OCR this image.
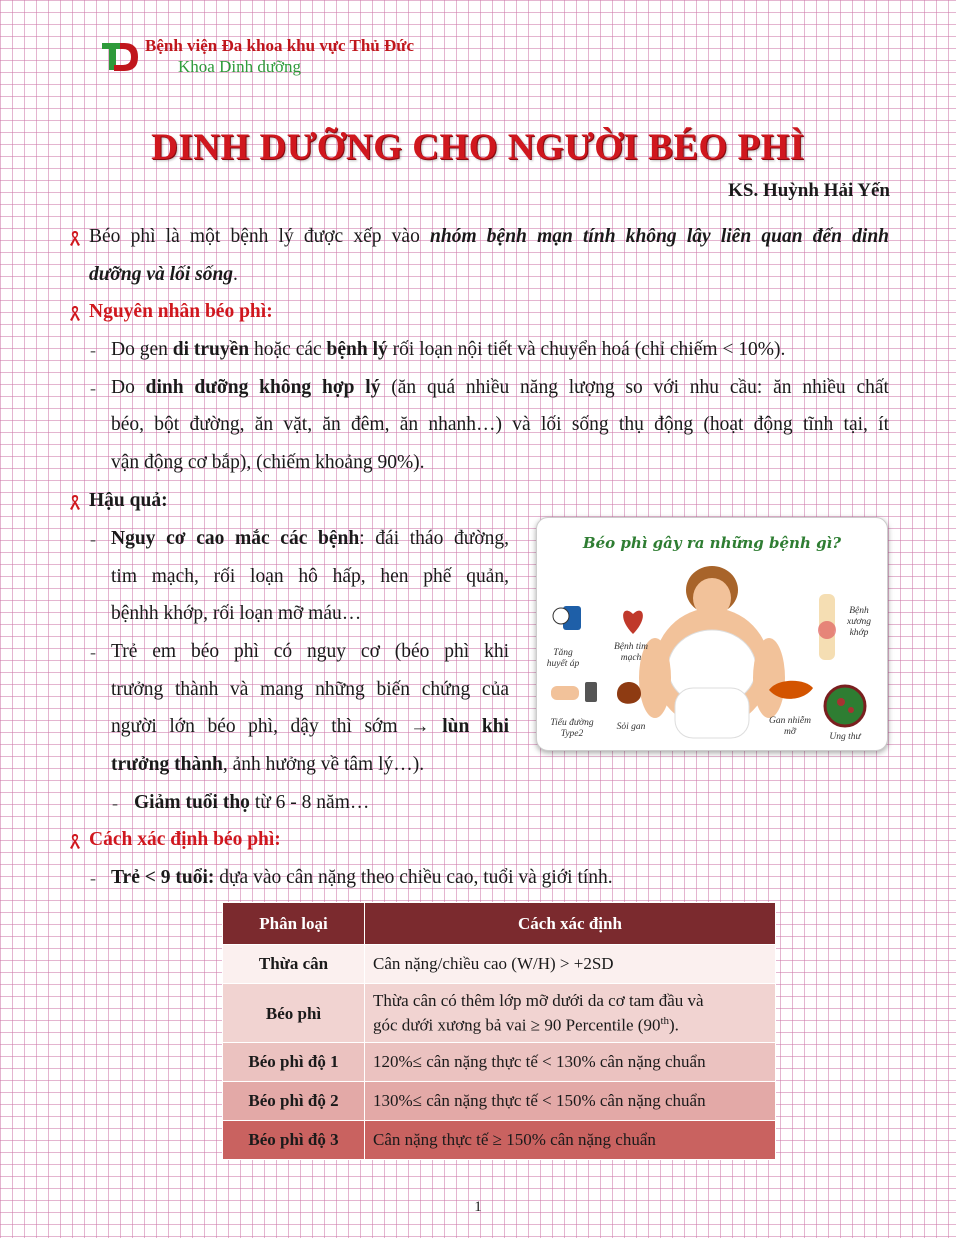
Bệnh viện Đa khoa khu vực Thủ Đức
Khoa Dinh dưỡng
DINH DƯỠNG CHO NGƯỜI BÉO PHÌ
KS. Huỳnh Hải Yến
Béo phì là một bệnh lý được xếp vào nhóm bệnh mạn tính không lây liên quan đến dinh
dưỡng và lối sống.
Nguyên nhân béo phì:
- Do gen di truyền hoặc các bệnh lý rối loạn nội tiết và chuyển hoá (chỉ chiếm < 10%).
- Do dinh dưỡng không hợp lý (ăn quá nhiều năng lượng so với nhu cầu: ăn nhiều chất
béo, bột đường, ăn vặt, ăn đêm, ăn nhanh…) và lối sống thụ động (hoạt động tĩnh tại, ít
vận động cơ bắp), (chiếm khoảng 90%).
Hậu quả:
- Nguy cơ cao mắc các bệnh: đái tháo đường,
tim mạch, rối loạn hô hấp, hen phế quản,
bệnhh khớp, rối loạn mỡ máu…
- Trẻ em béo phì có nguy cơ (béo phì khi
trưởng thành và mang những biến chứng của
người lớn béo phì, dậy thì sớm → lùn khi
trưởng thành, ảnh hưởng về tâm lý…).
- Giảm tuổi thọ từ 6 - 8 năm…
Béo phì gây ra những bệnh gì?
Tăng huyết áp
Bệnh tim mạch
Bệnh xương khớp
Tiểu đường Type2
Sỏi gan
Gan nhiễm mỡ	Ung thư
Cách xác định béo phì:
- Trẻ < 9 tuổi: dựa vào cân nặng theo chiều cao, tuổi và giới tính.
Phân loại	Cách xác định
Thừa cân	Cân nặng/chiều cao (W/H) > +2SD
Béo phì	Thừa cân có thêm lớp mỡ dưới da cơ tam đầu và
góc dưới xương bả vai ≥ 90 Percentile (90th).
Béo phì độ 1	120%≤ cân nặng thực tế < 130% cân nặng chuẩn
Béo phì độ 2	130%≤ cân nặng thực tế < 150% cân nặng chuẩn
Béo phì độ 3	Cân nặng thực tế ≥ 150% cân nặng chuẩn
1
